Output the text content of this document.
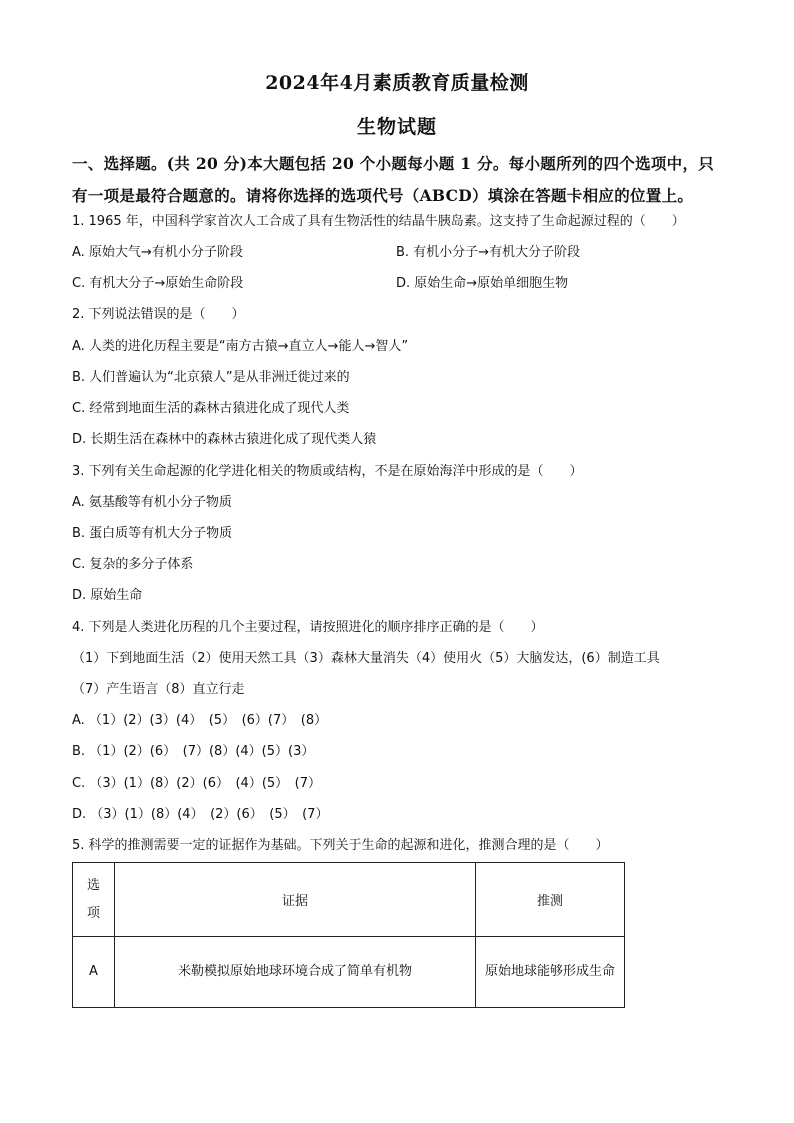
2024年4月素质教育质量检测
生物试题
一、选择题。(共 20 分)本大题包括 20 个小题每小题 1 分。每小题所列的四个选项中，只有一项是最符合题意的。请将你选择的选项代号（ABCD）填涂在答题卡相应的位置上。
1. 1965 年，中国科学家首次人工合成了具有生物活性的结晶牛胰岛素。这支持了生命起源过程的（　　）
A. 原始大气→有机小分子阶段	B. 有机小分子→有机大分子阶段
C. 有机大分子→原始生命阶段	D. 原始生命→原始单细胞生物
2. 下列说法错误的是（　　）
A. 人类的进化历程主要是“南方古猿→直立人→能人→智人”
B. 人们普遍认为“北京猿人”是从非洲迁徙过来的
C. 经常到地面生活的森林古猿进化成了现代人类
D. 长期生活在森林中的森林古猿进化成了现代类人猿
3. 下列有关生命起源的化学进化相关的物质或结构，不是在原始海洋中形成的是（　　）
A. 氨基酸等有机小分子物质
B. 蛋白质等有机大分子物质
C. 复杂的多分子体系
D. 原始生命
4. 下列是人类进化历程的几个主要过程，请按照进化的顺序排序正确的是（　　）
（1）下到地面生活（2）使用天然工具（3）森林大量消失（4）使用火（5）大脑发达，(6）制造工具
（7）产生语言（8）直立行走
A. （1）(2）(3）(4）　(5）　(6）(7）　(8）
B. （1）(2）(6）　(7）(8）(4）(5）(3）
C. （3）(1）(8）(2）(6）　(4）(5）　(7）
D. （3）(1）(8）(4）　(2）(6）　(5）　(7）
5. 科学的推测需要一定的证据作为基础。下列关于生命的起源和进化，推测合理的是（　　）
选项	证据	推测
A	米勒模拟原始地球环境合成了简单有机物	原始地球能够形成生命
